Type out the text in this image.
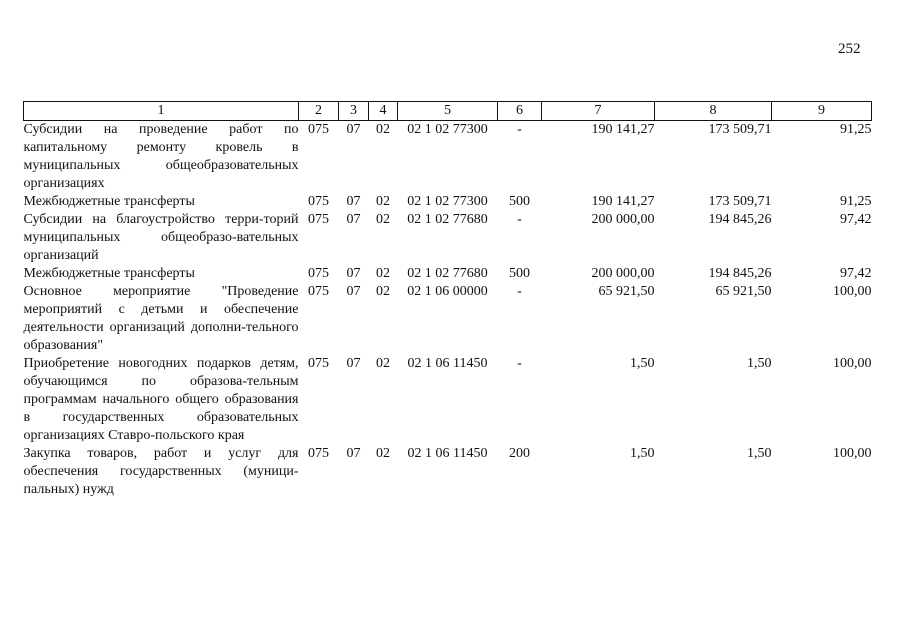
252
1	2	3	4	5	6	7	8	9
Субсидии на проведение работ по капитальному ремонту кровель в муниципальных общеобразовательных организациях	075	07	02	02 1 02 77300	-	190 141,27	173 509,71	91,25
Межбюджетные трансферты	075	07	02	02 1 02 77300	500	190 141,27	173 509,71	91,25
Субсидии на благоустройство терри-торий муниципальных общеобразо-вательных организаций	075	07	02	02 1 02 77680	-	200 000,00	194 845,26	97,42
Межбюджетные трансферты	075	07	02	02 1 02 77680	500	200 000,00	194 845,26	97,42
Основное мероприятие "Проведение мероприятий с детьми и обеспечение деятельности организаций дополни-тельного образования"	075	07	02	02 1 06 00000	-	65 921,50	65 921,50	100,00
Приобретение новогодних подарков детям, обучающимся по образова-тельным программам начального общего образования в государственных образовательных организациях Ставро-польского края	075	07	02	02 1 06 11450	-	1,50	1,50	100,00
Закупка товаров, работ и услуг для обеспечения государственных (муници-пальных) нужд	075	07	02	02 1 06 11450	200	1,50	1,50	100,00
